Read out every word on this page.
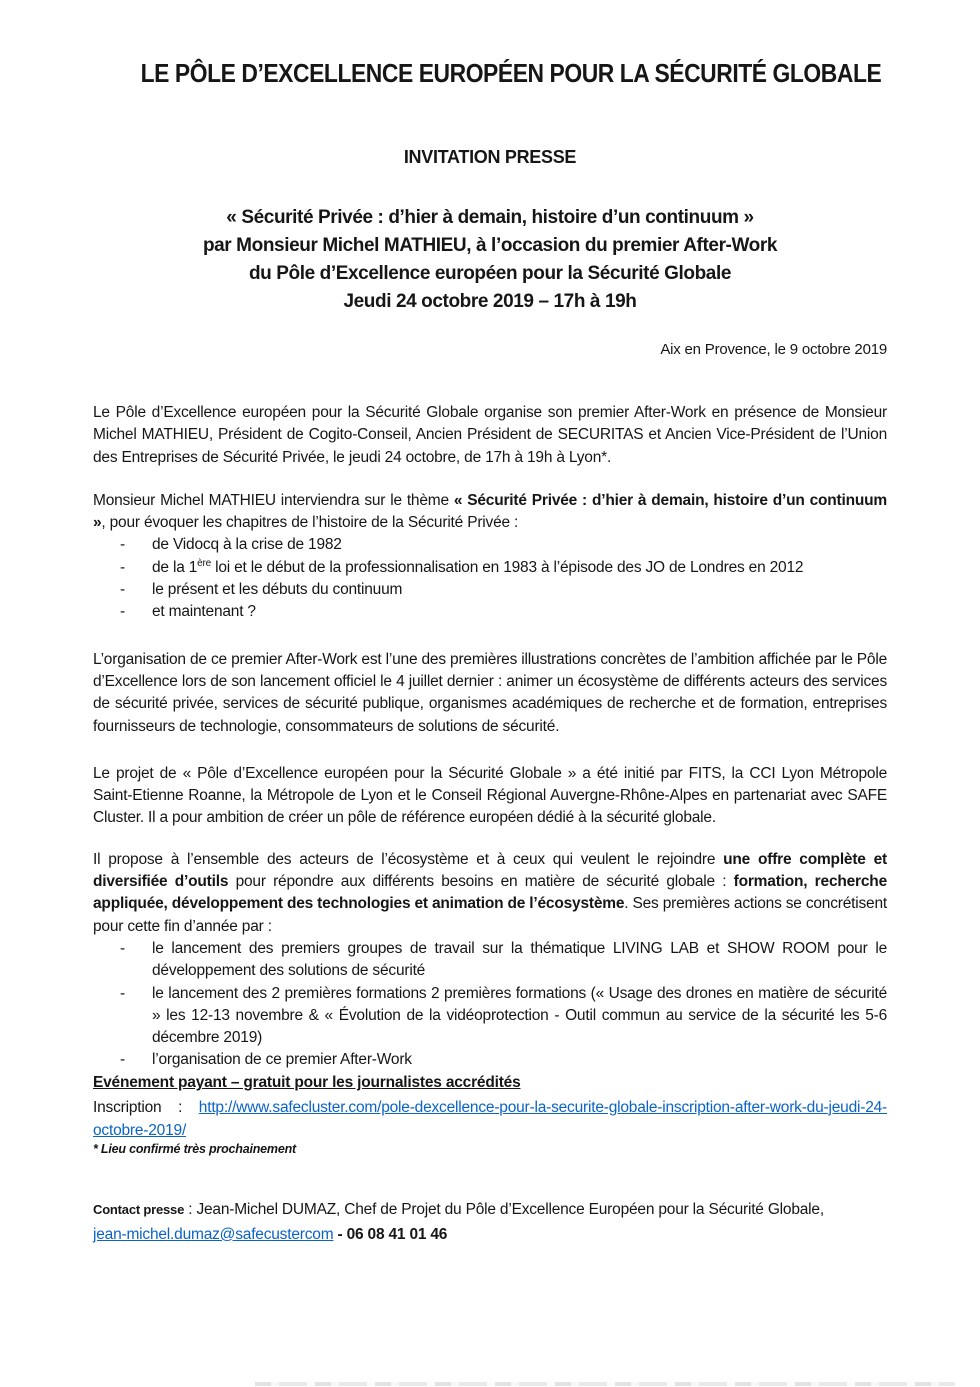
LE PÔLE D’EXCELLENCE EUROPÉEN POUR LA SÉCURITÉ GLOBALE
INVITATION PRESSE
« Sécurité Privée : d’hier à demain, histoire d’un continuum »
par Monsieur Michel MATHIEU, à l’occasion du premier After-Work
du Pôle d’Excellence européen pour la Sécurité Globale
Jeudi 24 octobre 2019 – 17h à 19h
Aix en Provence, le 9 octobre 2019

Le Pôle d’Excellence européen pour la Sécurité Globale organise son premier After-Work en présence de Monsieur Michel MATHIEU, Président de Cogito-Conseil, Ancien Président de SECURITAS et Ancien Vice-Président de l’Union des Entreprises de Sécurité Privée, le jeudi 24 octobre, de 17h à 19h à Lyon*.

Monsieur Michel MATHIEU interviendra sur le thème « Sécurité Privée : d’hier à demain, histoire d’un continuum », pour évoquer les chapitres de l’histoire de la Sécurité Privée :

- de Vidocq à la crise de 1982
- de la 1ère loi et le début de la professionnalisation en 1983 à l’épisode des JO de Londres en 2012
- le présent et les débuts du continuum
- et maintenant ?

L’organisation de ce premier After-Work est l’une des premières illustrations concrètes de l’ambition affichée par le Pôle d’Excellence lors de son lancement officiel le 4 juillet dernier : animer un écosystème de différents acteurs des services de sécurité privée, services de sécurité publique, organismes académiques de recherche et de formation, entreprises fournisseurs de technologie, consommateurs de solutions de sécurité.

Le projet de « Pôle d’Excellence européen pour la Sécurité Globale » a été initié par FITS, la CCI Lyon Métropole Saint-Etienne Roanne, la Métropole de Lyon et le Conseil Régional Auvergne-Rhône-Alpes en partenariat avec SAFE Cluster. Il a pour ambition de créer un pôle de référence européen dédié à la sécurité globale.

Il propose à l’ensemble des acteurs de l’écosystème et à ceux qui veulent le rejoindre une offre complète et diversifiée d’outils pour répondre aux différents besoins en matière de sécurité globale : formation, recherche appliquée, développement des technologies et animation de l’écosystème. Ses premières actions se concrétisent pour cette fin d’année par :

- le lancement des premiers groupes de travail sur la thématique LIVING LAB et SHOW ROOM pour le développement des solutions de sécurité
- le lancement des 2 premières formations 2 premières formations (« Usage des drones en matière de sécurité » les 12-13 novembre & « Évolution de la vidéoprotection - Outil commun au service de la sécurité les 5-6 décembre 2019)
- l’organisation de ce premier After-Work

Evénement payant – gratuit pour les journalistes accrédités

Inscription : http://www.safecluster.com/pole-dexcellence-pour-la-securite-globale-inscription-after-work-du-jeudi-24-octobre-2019/

* Lieu confirmé très prochainement

Contact presse : Jean-Michel DUMAZ, Chef de Projet du Pôle d’Excellence Européen pour la Sécurité Globale,
jean-michel.dumaz@safecustercom - 06 08 41 01 46
